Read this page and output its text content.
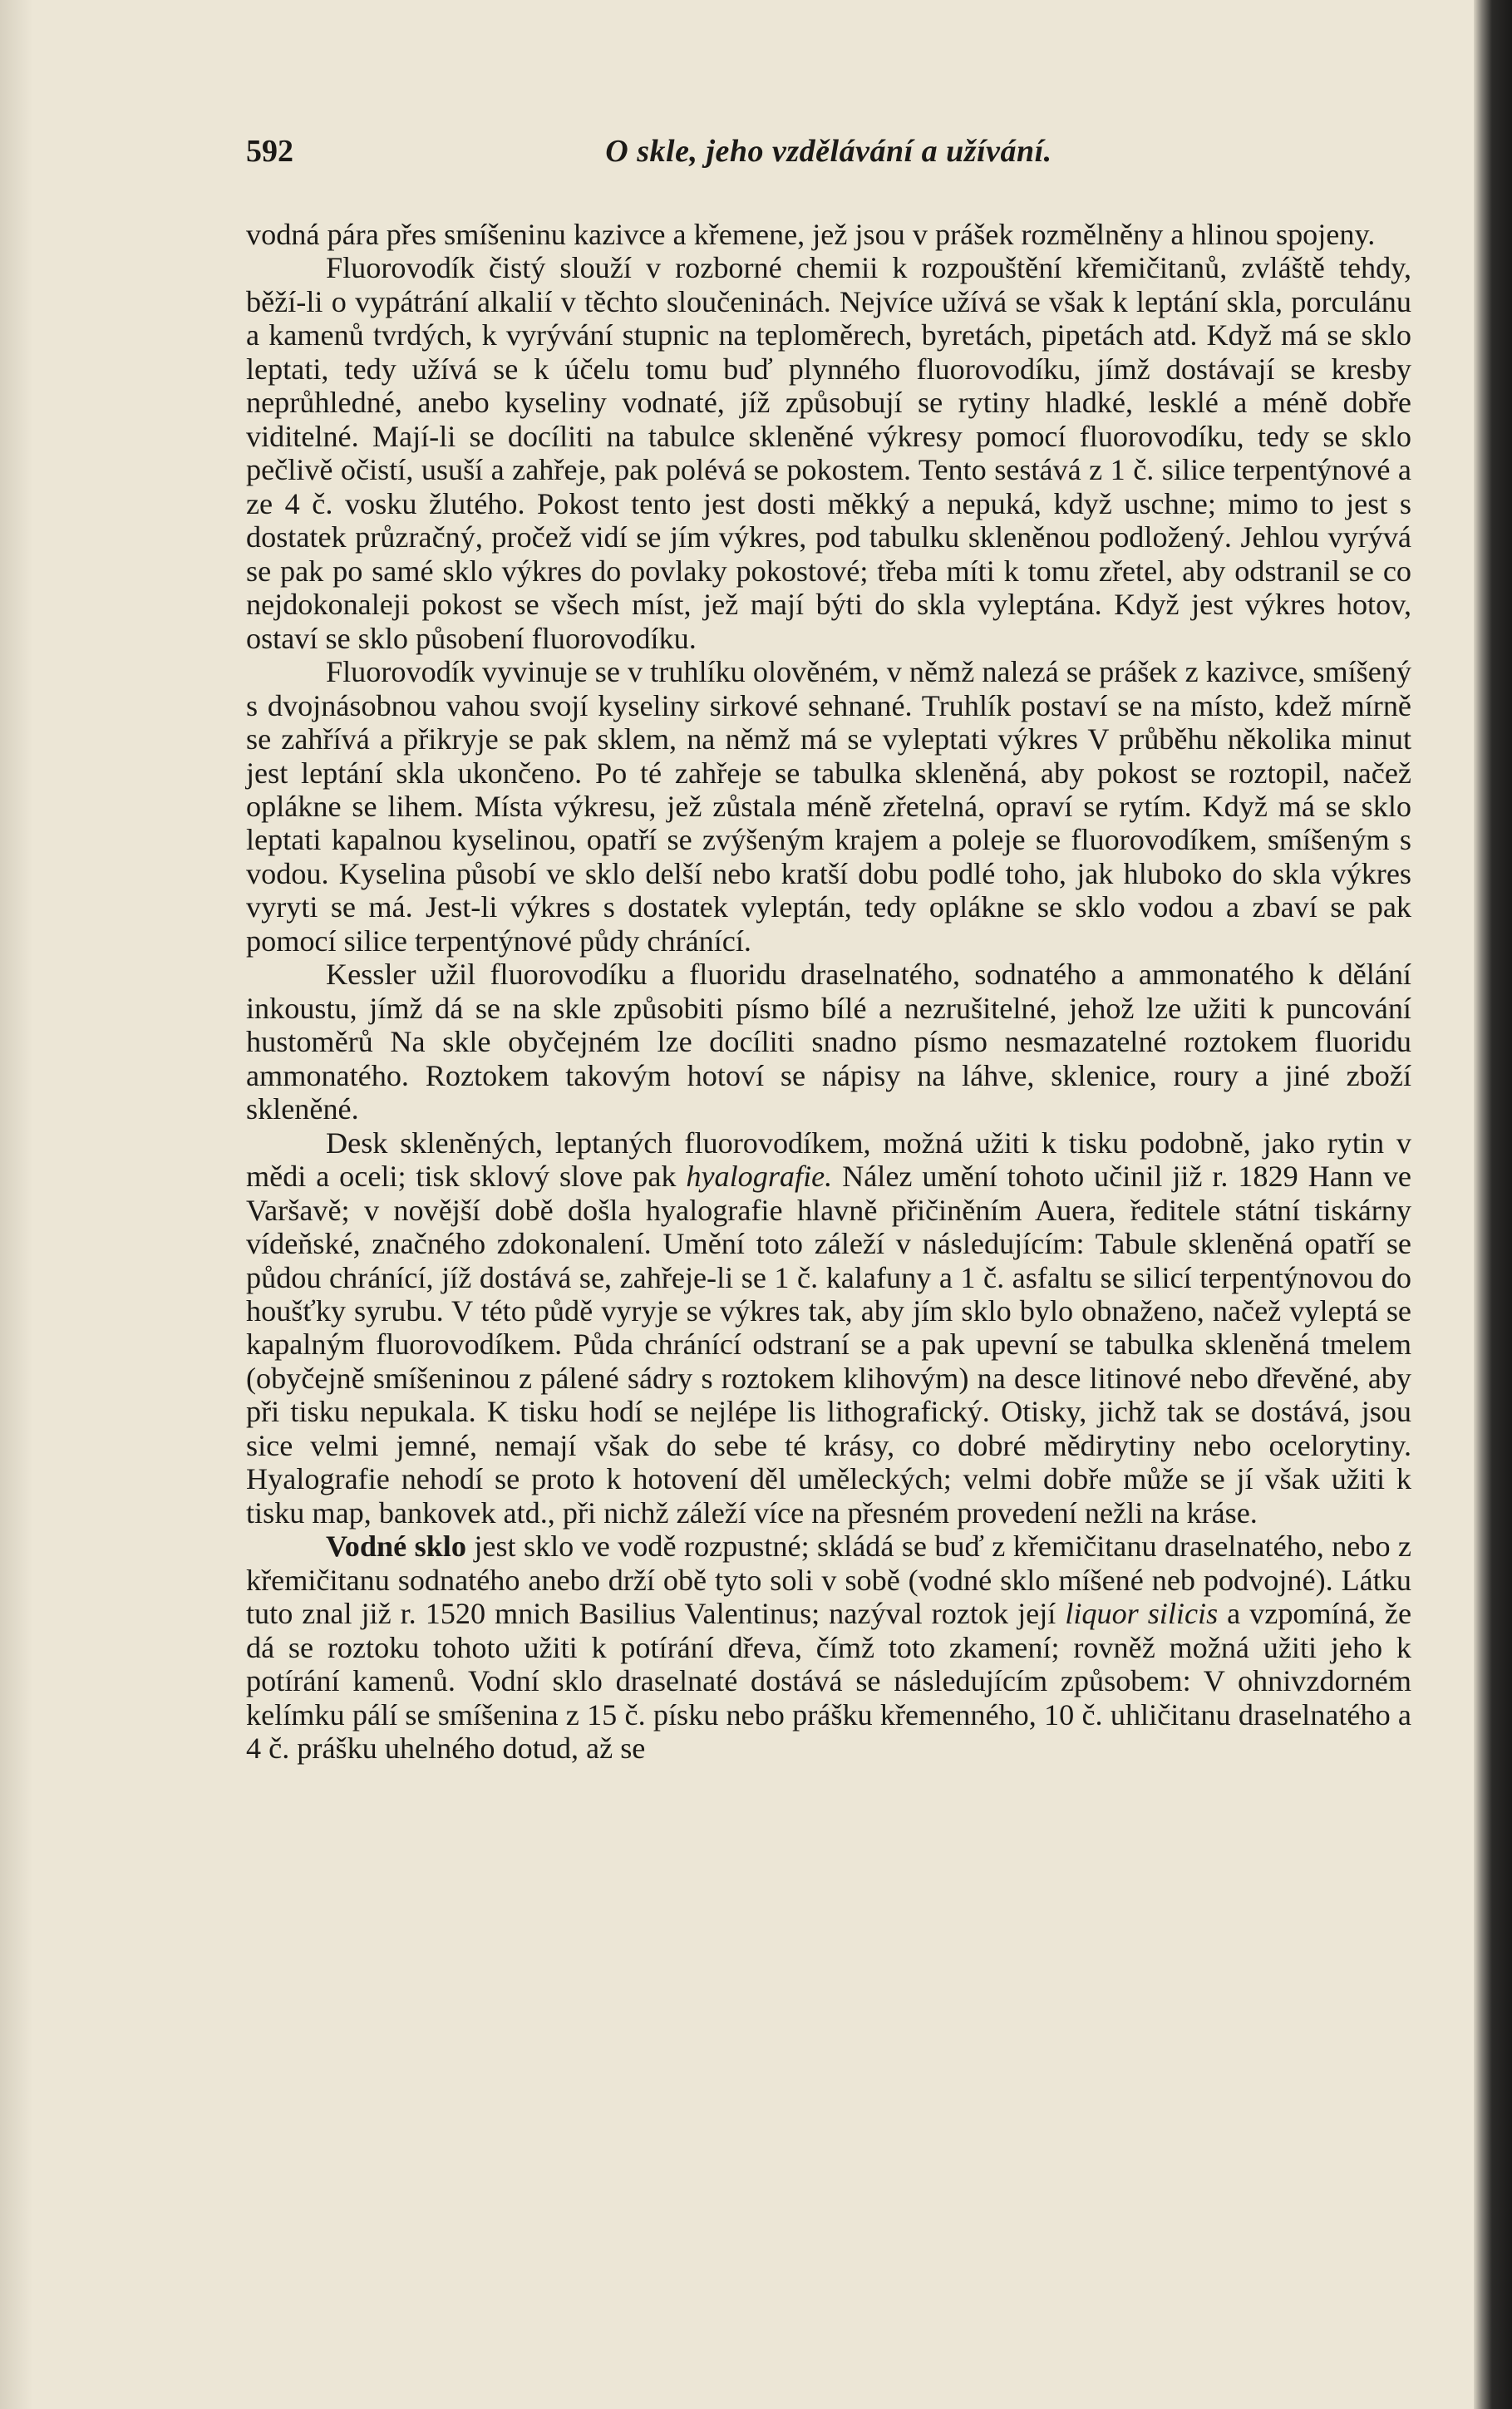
592	O skle, jeho vzdělávání a užívání.

vodná pára přes smíšeninu kazivce a křemene, jež jsou v prášek rozmělněny a hlinou spojeny.

Fluorovodík čistý slouží v rozborné chemii k rozpouštění křemičitanů, zvláště tehdy, běží-li o vypátrání alkalií v těchto sloučeninách. Nejvíce užívá se však k leptání skla, porculánu a kamenů tvrdých, k vyrývání stupnic na teploměrech, byretách, pipetách atd. Když má se sklo leptati, tedy užívá se k účelu tomu buď plynného fluorovodíku, jímž dostávají se kresby neprůhledné, anebo kyseliny vodnaté, jíž způsobují se rytiny hladké, lesklé a méně dobře viditelné. Mají-li se docíliti na tabulce skleněné výkresy pomocí fluorovodíku, tedy se sklo pečlivě očistí, usuší a zahřeje, pak polévá se pokostem. Tento sestává z 1 č. silice terpentýnové a ze 4 č. vosku žlutého. Pokost tento jest dosti měkký a nepuká, když uschne; mimo to jest s dostatek průzračný, pročež vidí se jím výkres, pod tabulku skleněnou podložený. Jehlou vyrývá se pak po samé sklo výkres do povlaky pokostové; třeba míti k tomu zřetel, aby odstranil se co nejdokonaleji pokost se všech míst, jež mají býti do skla vyleptána. Když jest výkres hotov, ostaví se sklo působení fluorovodíku.

Fluorovodík vyvinuje se v truhlíku olověném, v němž nalezá se prášek z kazivce, smíšený s dvojnásobnou vahou svojí kyseliny sirkové sehnané. Truhlík postaví se na místo, kdež mírně se zahřívá a přikryje se pak sklem, na němž má se vyleptati výkres V průběhu několika minut jest leptání skla ukončeno. Po té zahřeje se tabulka skleněná, aby pokost se roztopil, načež oplákne se lihem. Místa výkresu, jež zůstala méně zřetelná, opraví se rytím. Když má se sklo leptati kapalnou kyselinou, opatří se zvýšeným krajem a poleje se fluorovodíkem, smíšeným s vodou. Kyselina působí ve sklo delší nebo kratší dobu podlé toho, jak hluboko do skla výkres vyryti se má. Jest-li výkres s dostatek vyleptán, tedy oplákne se sklo vodou a zbaví se pak pomocí silice terpentýnové půdy chránící.

Kessler užil fluorovodíku a fluoridu draselnatého, sodnatého a ammonatého k dělání inkoustu, jímž dá se na skle způsobiti písmo bílé a nezrušitelné, jehož lze užiti k puncování hustoměrů Na skle obyčejném lze docíliti snadno písmo nesmazatelné roztokem fluoridu ammonatého. Roztokem takovým hotoví se nápisy na láhve, sklenice, roury a jiné zboží skleněné.

Desk skleněných, leptaných fluorovodíkem, možná užiti k tisku podobně, jako rytin v mědi a oceli; tisk sklový slove pak hyalografie. Nález umění tohoto učinil již r. 1829 Hann ve Varšavě; v novější době došla hyalografie hlavně přičiněním Auera, ředitele státní tiskárny vídeňské, značného zdokonalení. Umění toto záleží v následujícím: Tabule skleněná opatří se půdou chránící, jíž dostává se, zahřeje-li se 1 č. kalafuny a 1 č. asfaltu se silicí terpentýnovou do houšťky syrubu. V této půdě vyryje se výkres tak, aby jím sklo bylo obnaženo, načež vyleptá se kapalným fluorovodíkem. Půda chránící odstraní se a pak upevní se tabulka skleněná tmelem (obyčejně smíšeninou z pálené sádry s roztokem klihovým) na desce litinové nebo dřevěné, aby při tisku nepukala. K tisku hodí se nejlépe lis lithografický. Otisky, jichž tak se dostává, jsou sice velmi jemné, nemají však do sebe té krásy, co dobré mědirytiny nebo ocelorytiny. Hyalografie nehodí se proto k hotovení děl uměleckých; velmi dobře může se jí však užiti k tisku map, bankovek atd., při nichž záleží více na přesném provedení nežli na kráse.

Vodné sklo jest sklo ve vodě rozpustné; skládá se buď z křemičitanu draselnatého, nebo z křemičitanu sodnatého anebo drží obě tyto soli v sobě (vodné sklo míšené neb podvojné). Látku tuto znal již r. 1520 mnich Basilius Valentinus; nazýval roztok její liquor silicis a vzpomíná, že dá se roztoku tohoto užiti k potírání dřeva, čímž toto zkamení; rovněž možná užiti jeho k potírání kamenů. Vodní sklo draselnaté dostává se následujícím způsobem: V ohnivzdorném kelímku pálí se smíšenina z 15 č. písku nebo prášku křemenného, 10 č. uhličitanu draselnatého a 4 č. prášku uhelného dotud, až se
